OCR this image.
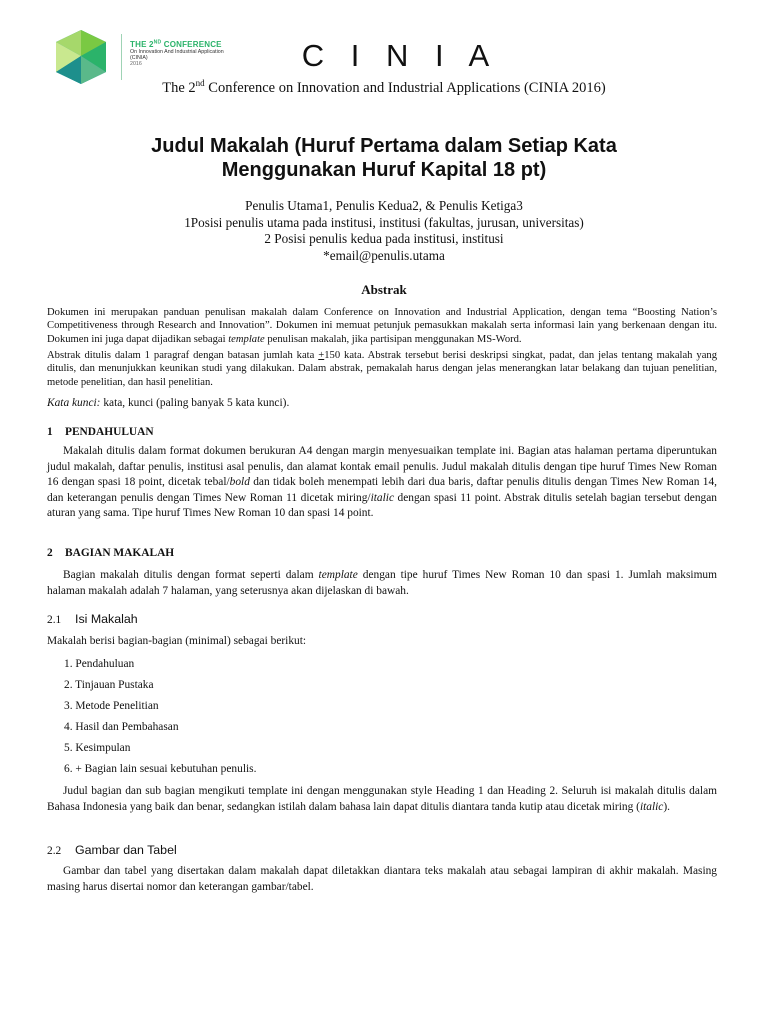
THE 2ND CONFERENCE
On Innovation And Industrial Application
(CINIA)
2016	C I N I A
The 2nd Conference on Innovation and Industrial Applications (CINIA 2016)
Judul Makalah (Huruf Pertama dalam Setiap Kata
Menggunakan Huruf Kapital 18 pt)
Penulis Utama1, Penulis Kedua2, & Penulis Ketiga3
1Posisi penulis utama pada institusi, institusi (fakultas, jurusan, universitas)
2 Posisi penulis kedua pada institusi, institusi
*email@penulis.utama
Abstrak
Dokumen ini merupakan panduan penulisan makalah dalam Conference on Innovation and Industrial Application, dengan tema “Boosting Nation’s Competitiveness through Research and Innovation”. Dokumen ini memuat petunjuk pemasukkan makalah serta informasi lain yang berkenaan dengan itu. Dokumen ini juga dapat dijadikan sebagai template penulisan makalah, jika partisipan menggunakan MS-Word.
Abstrak ditulis dalam 1 paragraf dengan batasan jumlah kata +150 kata. Abstrak tersebut berisi deskripsi singkat, padat, dan jelas tentang makalah yang ditulis, dan menunjukkan keunikan studi yang dilakukan. Dalam abstrak, pemakalah harus dengan jelas menerangkan latar belakang dan tujuan penelitian, metode penelitian, dan hasil penelitian.
Kata kunci: kata, kunci (paling banyak 5 kata kunci).
1 PENDAHULUAN
Makalah ditulis dalam format dokumen berukuran A4 dengan margin menyesuaikan template ini. Bagian atas halaman pertama diperuntukan judul makalah, daftar penulis, institusi asal penulis, dan alamat kontak email penulis. Judul makalah ditulis dengan tipe huruf Times New Roman 16 dengan spasi 18 point, dicetak tebal/bold dan tidak boleh menempati lebih dari dua baris, daftar penulis ditulis dengan Times New Roman 14, dan keterangan penulis dengan Times New Roman 11 dicetak miring/italic dengan spasi 11 point. Abstrak ditulis setelah bagian tersebut dengan aturan yang sama. Tipe huruf Times New Roman 10 dan spasi 14 point.
2 BAGIAN MAKALAH
Bagian makalah ditulis dengan format seperti dalam template dengan tipe huruf Times New Roman 10 dan spasi 1. Jumlah maksimum halaman makalah adalah 7 halaman, yang seterusnya akan dijelaskan di bawah.
2.1 Isi Makalah
Makalah berisi bagian-bagian (minimal) sebagai berikut:
1. Pendahuluan
2. Tinjauan Pustaka
3. Metode Penelitian
4. Hasil dan Pembahasan
5. Kesimpulan
6. + Bagian lain sesuai kebutuhan penulis.
Judul bagian dan sub bagian mengikuti template ini dengan menggunakan style Heading 1 dan Heading 2. Seluruh isi makalah ditulis dalam Bahasa Indonesia yang baik dan benar, sedangkan istilah dalam bahasa lain dapat ditulis diantara tanda kutip atau dicetak miring (italic).
2.2 Gambar dan Tabel
Gambar dan tabel yang disertakan dalam makalah dapat diletakkan diantara teks makalah atau sebagai lampiran di akhir makalah. Masing masing harus disertai nomor dan keterangan gambar/tabel.
